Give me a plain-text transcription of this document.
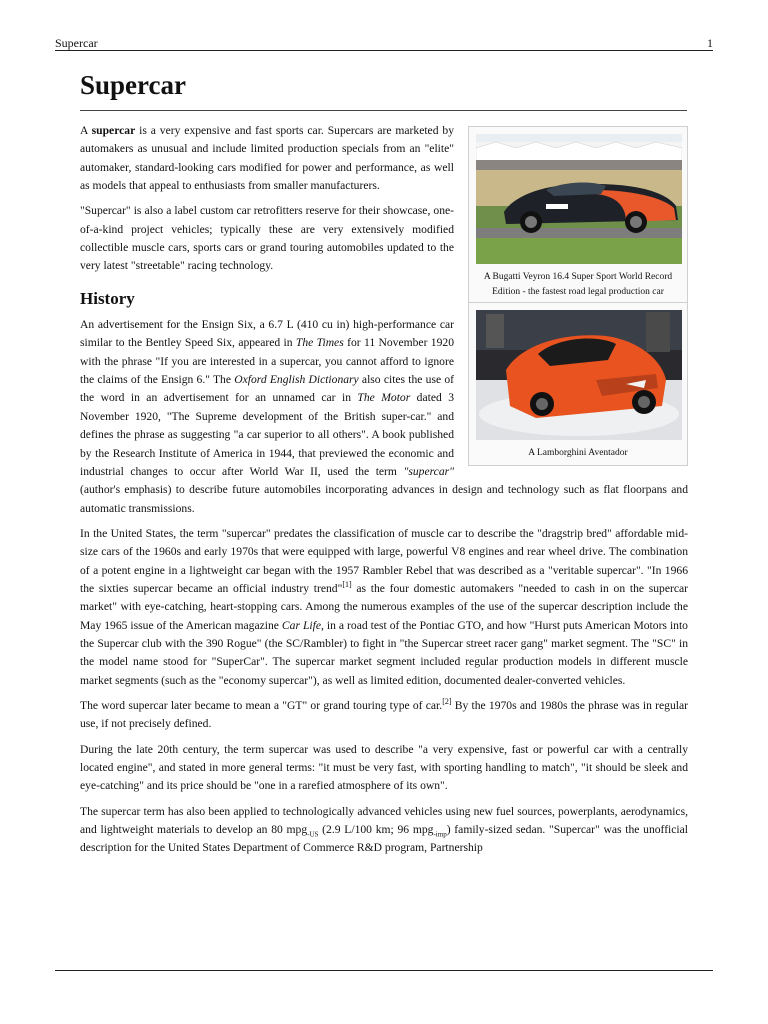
Supercar	1
Supercar
A Bugatti Veyron 16.4 Super Sport World Record Edition - the fastest road legal production car

A supercar is a very expensive and fast sports car. Supercars are marketed by automakers as unusual and include limited production specials from an "elite" automaker, standard-looking cars modified for power and performance, as well as models that appeal to enthusiasts from smaller manufacturers.

"Supercar" is also a label custom car retrofitters reserve for their showcase, one-of-a-kind project vehicles; typically these are very extensively modified collectible muscle cars, sports cars or grand touring automobiles updated to the very latest "streetable" racing technology.

History
A Lamborghini Aventador

An advertisement for the Ensign Six, a 6.7 L (410 cu in) high-performance car similar to the Bentley Speed Six, appeared in The Times for 11 November 1920 with the phrase "If you are interested in a supercar, you cannot afford to ignore the claims of the Ensign 6." The Oxford English Dictionary also cites the use of the word in an advertisement for an unnamed car in The Motor dated 3 November 1920, "The Supreme development of the British super-car." and defines the phrase as suggesting "a car superior to all others". A book published by the Research Institute of America in 1944, that previewed the economic and industrial changes to occur after World War II, used the term "supercar" (author's emphasis) to describe future automobiles incorporating advances in design and technology such as flat floorpans and automatic transmissions.

In the United States, the term "supercar" predates the classification of muscle car to describe the "dragstrip bred" affordable mid-size cars of the 1960s and early 1970s that were equipped with large, powerful V8 engines and rear wheel drive. The combination of a potent engine in a lightweight car began with the 1957 Rambler Rebel that was described as a "veritable supercar". "In 1966 the sixties supercar became an official industry trend"[1] as the four domestic automakers "needed to cash in on the supercar market" with eye-catching, heart-stopping cars. Among the numerous examples of the use of the supercar description include the May 1965 issue of the American magazine Car Life, in a road test of the Pontiac GTO, and how "Hurst puts American Motors into the Supercar club with the 390 Rogue" (the SC/Rambler) to fight in "the Supercar street racer gang" market segment. The "SC" in the model name stood for "SuperCar". The supercar market segment included regular production models in different muscle market segments (such as the "economy supercar"), as well as limited edition, documented dealer-converted vehicles.

The word supercar later became to mean a "GT" or grand touring type of car.[2] By the 1970s and 1980s the phrase was in regular use, if not precisely defined.

During the late 20th century, the term supercar was used to describe "a very expensive, fast or powerful car with a centrally located engine", and stated in more general terms: "it must be very fast, with sporting handling to match", "it should be sleek and eye-catching" and its price should be "one in a rarefied atmosphere of its own".

The supercar term has also been applied to technologically advanced vehicles using new fuel sources, powerplants, aerodynamics, and lightweight materials to develop an 80 mpg$_{‑US}$ (2.9 L/100 km; 96 mpg$_{‑imp}$) family-sized sedan. "Supercar" was the unofficial description for the United States Department of Commerce R&D program, Partnership
